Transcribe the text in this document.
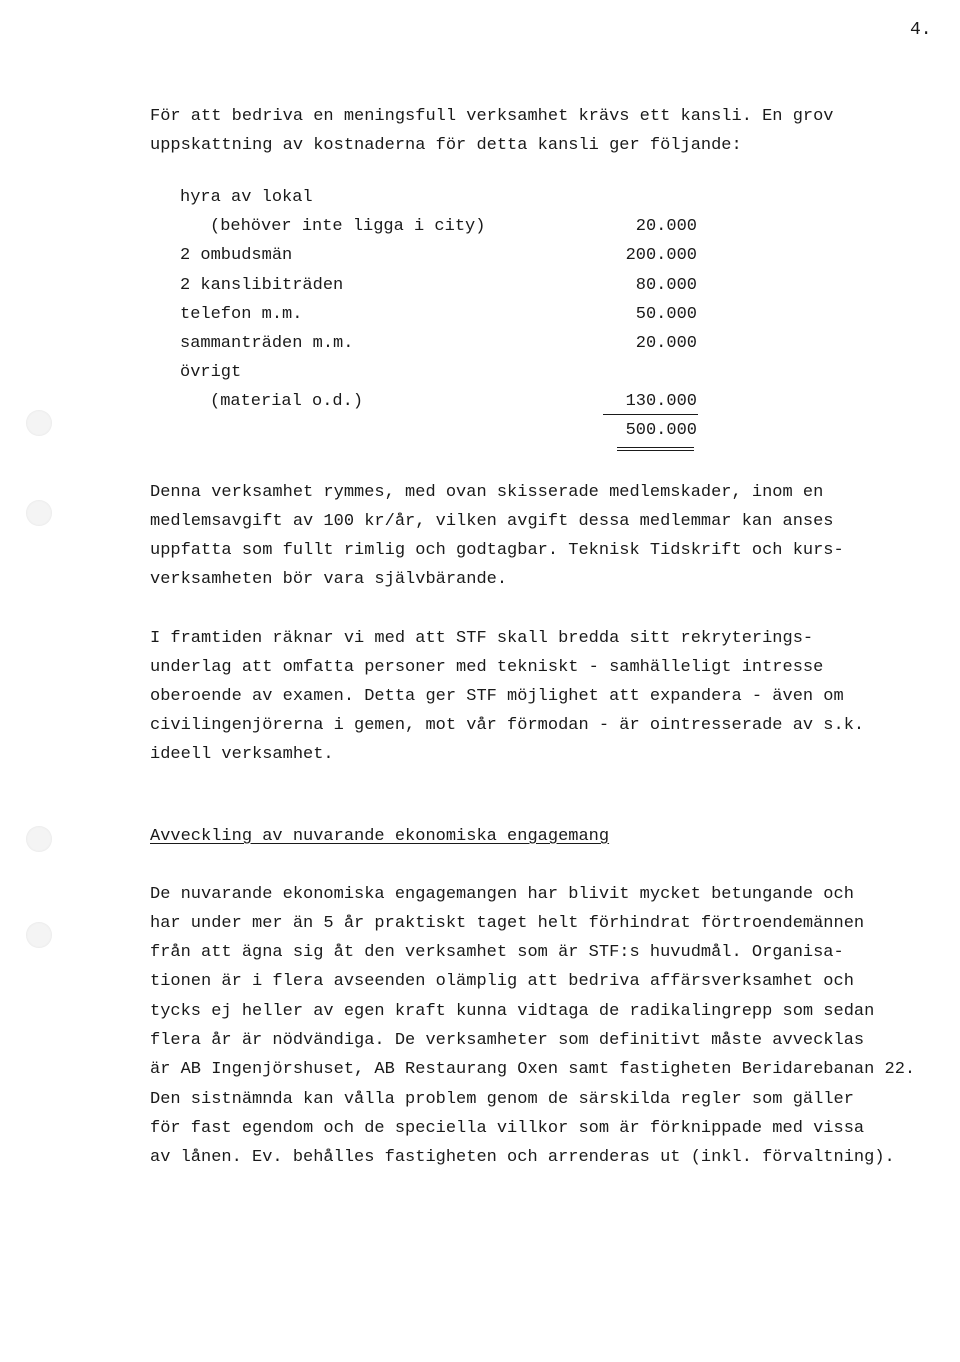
4.
För att bedriva en meningsfull verksamhet krävs ett kansli. En grov
uppskattning av kostnaderna för detta kansli ger följande:
hyra av lokal
(behöver inte ligga i city)	20.000
2 ombudsmän	200.000
2 kanslibiträden	80.000
telefon m.m.	50.000
sammanträden m.m.	20.000
övrigt
(material o.d.)	130.000
500.000
Denna verksamhet rymmes, med ovan skisserade medlemskader, inom en
medlemsavgift av 100 kr/år, vilken avgift dessa medlemmar kan anses
uppfatta som fullt rimlig och godtagbar. Teknisk Tidskrift och kurs-
verksamheten bör vara självbärande.
I framtiden räknar vi med att STF skall bredda sitt rekryterings-
underlag att omfatta personer med tekniskt - samhälleligt intresse
oberoende av examen. Detta ger STF möjlighet att expandera - även om
civilingenjörerna i gemen, mot vår förmodan - är ointresserade av s.k.
ideell verksamhet.
Avveckling av nuvarande ekonomiska engagemang
De nuvarande ekonomiska engagemangen har blivit mycket betungande och
har under mer än 5 år praktiskt taget helt förhindrat förtroendemännen
från att ägna sig åt den verksamhet som är STF:s huvudmål. Organisa-
tionen är i flera avseenden olämplig att bedriva affärsverksamhet och
tycks ej heller av egen kraft kunna vidtaga de radikalingrepp som sedan
flera år är nödvändiga. De verksamheter som definitivt måste avvecklas
är AB Ingenjörshuset, AB Restaurang Oxen samt fastigheten Beridarebanan 22.
Den sistnämnda kan vålla problem genom de särskilda regler som gäller
för fast egendom och de speciella villkor som är förknippade med vissa
av lånen. Ev. behålles fastigheten och arrenderas ut (inkl. förvaltning).
